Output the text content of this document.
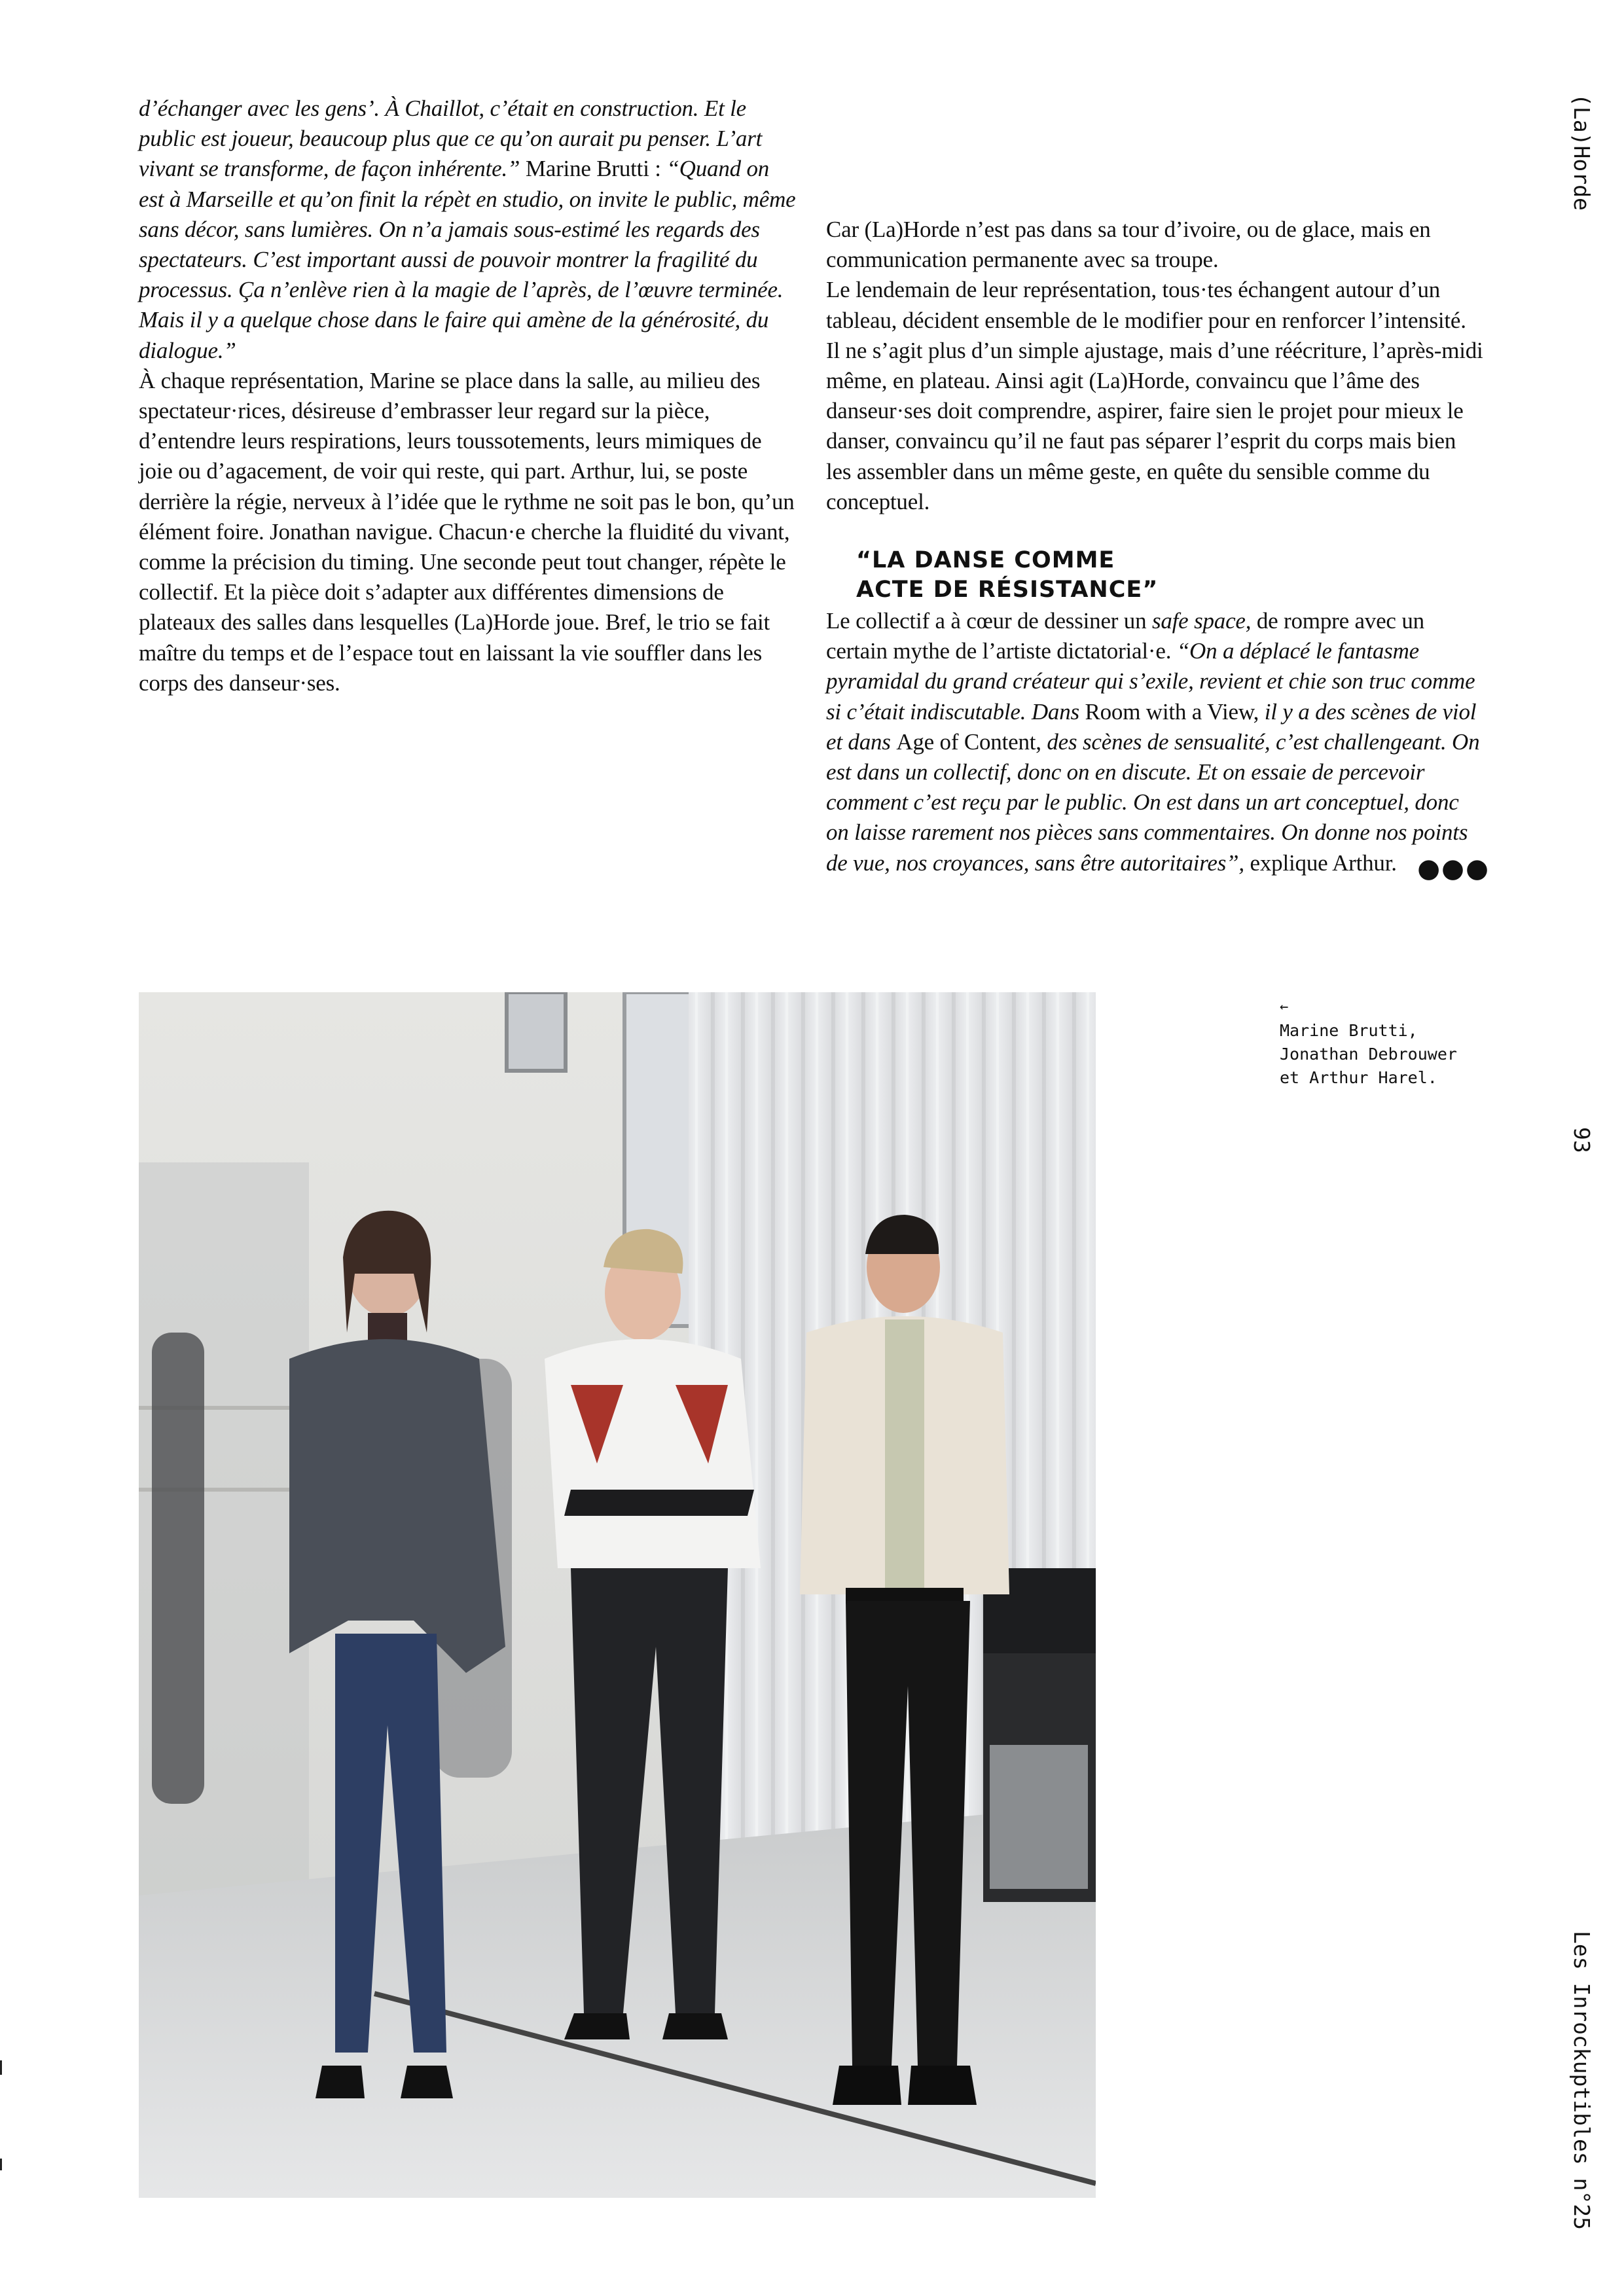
d’échanger avec les gens’. À Chaillot, c’était en construction. Et le public est joueur, beaucoup plus que ce qu’on aurait pu penser. L’art vivant se transforme, de façon inhérente.” Marine Brutti : “Quand on est à Marseille et qu’on finit la répèt en studio, on invite le public, même sans décor, sans lumières. On n’a jamais sous-estimé les regards des spectateurs. C’est important aussi de pouvoir montrer la fragilité du processus. Ça n’enlève rien à la magie de l’après, de l’œuvre terminée. Mais il y a quelque chose dans le faire qui amène de la générosité, du dialogue.”

À chaque représentation, Marine se place dans la salle, au milieu des spectateur·rices, désireuse d’embrasser leur regard sur la pièce, d’entendre leurs respirations, leurs toussotements, leurs mimiques de joie ou d’agacement, de voir qui reste, qui part. Arthur, lui, se poste derrière la régie, nerveux à l’idée que le rythme ne soit pas le bon, qu’un élément foire. Jonathan navigue. Chacun·e cherche la fluidité du vivant, comme la précision du timing. Une seconde peut tout changer, répète le collectif. Et la pièce doit s’adapter aux différentes dimensions de plateaux des salles dans lesquelles (La)Horde joue. Bref, le trio se fait maître du temps et de l’espace tout en laissant la vie souffler dans les corps des danseur·ses.

Car (La)Horde n’est pas dans sa tour d’ivoire, ou de glace, mais en communication permanente avec sa troupe.

Le lendemain de leur représentation, tous·tes échangent autour d’un tableau, décident ensemble de le modifier pour en renforcer l’intensité. Il ne s’agit plus d’un simple ajustage, mais d’une réécriture, l’après-midi même, en plateau. Ainsi agit (La)Horde, convaincu que l’âme des danseur·ses doit comprendre, aspirer, faire sien le projet pour mieux le danser, convaincu qu’il ne faut pas séparer l’esprit du corps mais bien les assembler dans un même geste, en quête du sensible comme du conceptuel.

“LA DANSE COMME
ACTE DE RÉSISTANCE”

Le collectif a à cœur de dessiner un safe space, de rompre avec un certain mythe de l’artiste dictatorial·e. “On a déplacé le fantasme pyramidal du grand créateur qui s’exile, revient et chie son truc comme si c’était indiscutable. Dans Room with a View, il y a des scènes de viol et dans Age of Content, des scènes de sensualité, c’est challengeant. On est dans un collectif, donc on en discute. Et on essaie de percevoir comment c’est reçu par le public. On est dans un art conceptuel, donc on laisse rarement nos pièces sans commentaires. On donne nos points de vue, nos croyances, sans être autoritaires”, explique Arthur. ●●●

(La)Horde
93
Les Inrockuptibles n°25
←
Marine Brutti, Jonathan Debrouwer et Arthur Harel.
